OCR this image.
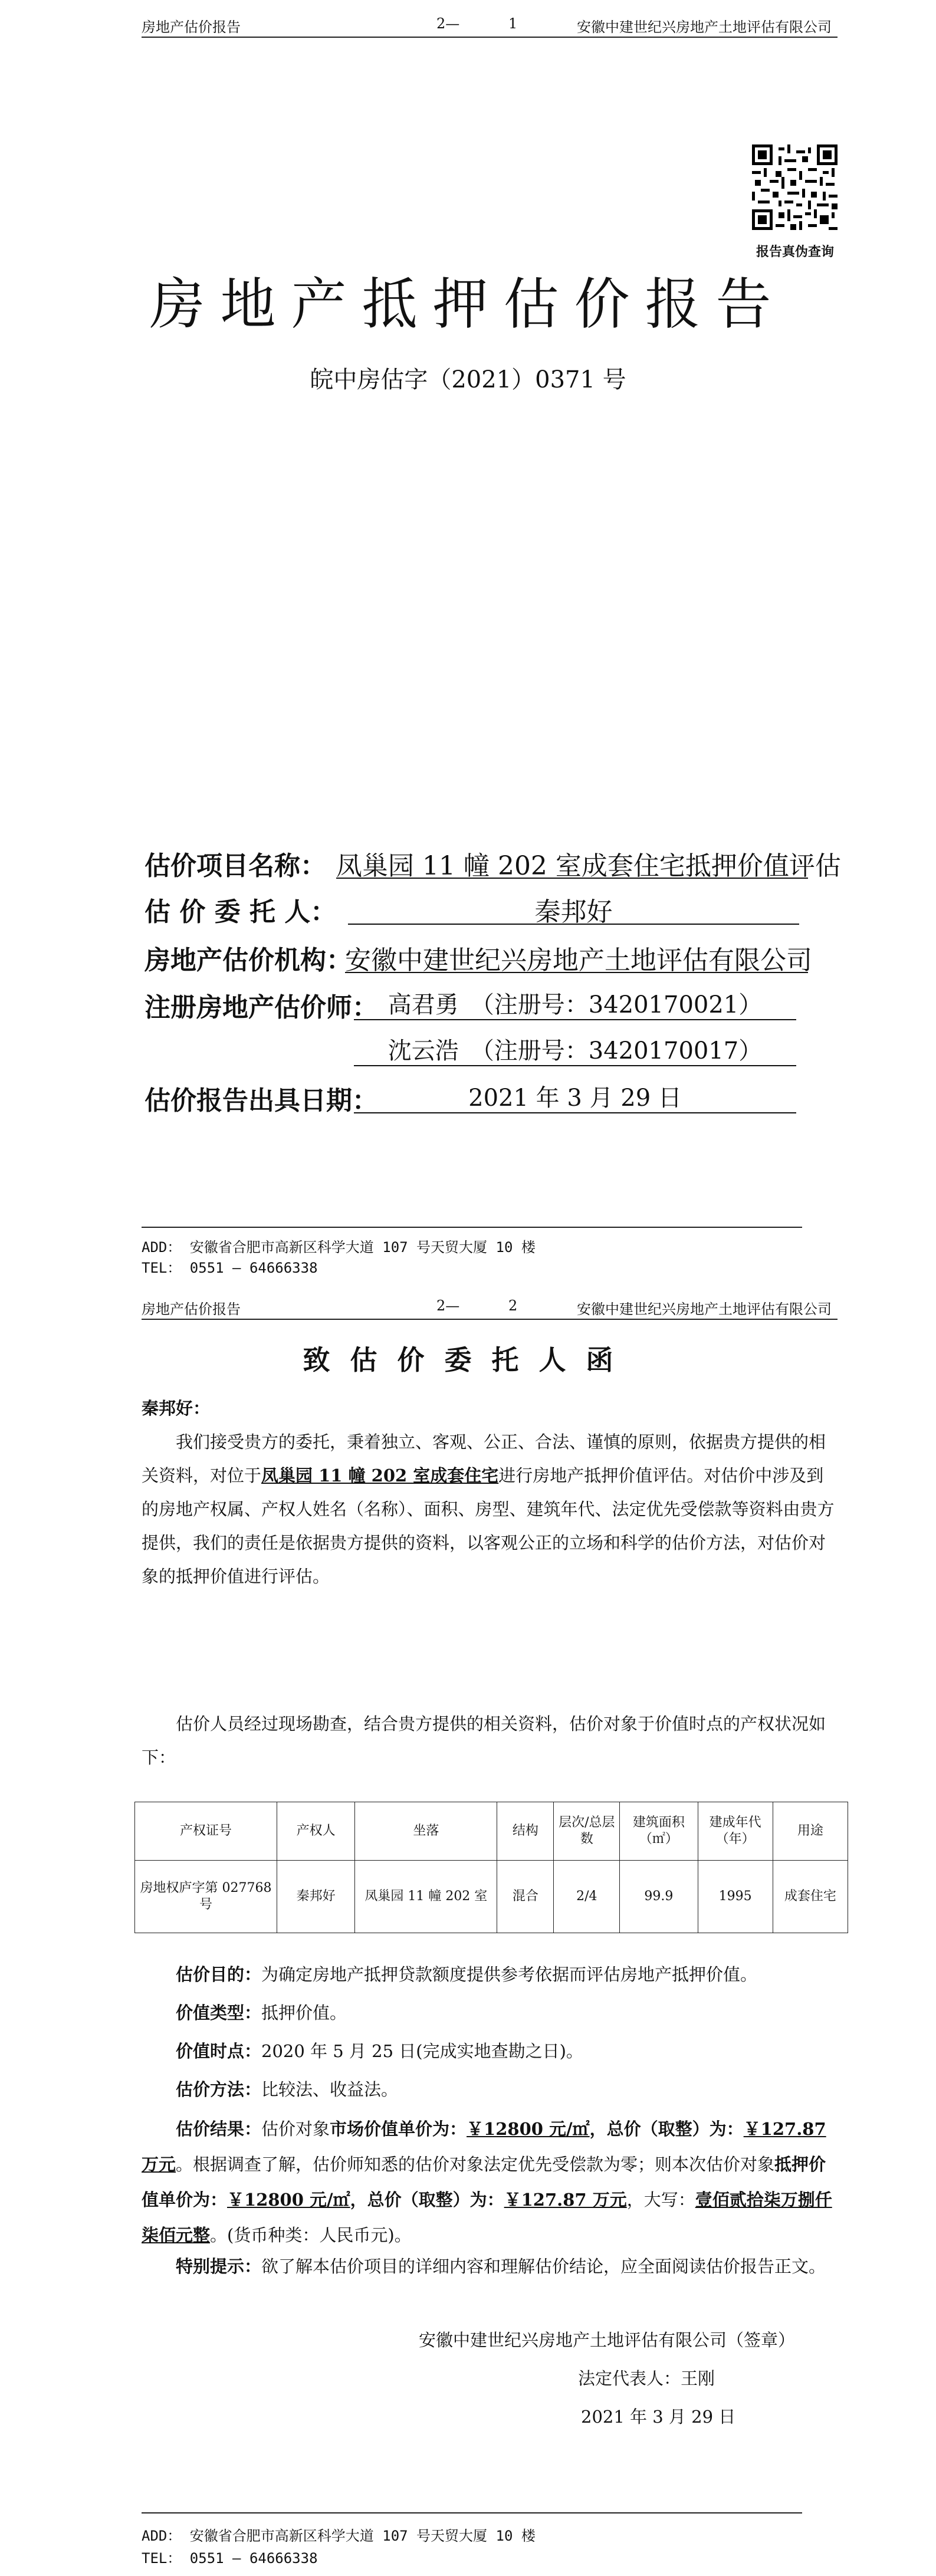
房地产估价报告	2—	1	安徽中建世纪兴房地产土地评估有限公司
报告真伪查询
房地产抵押估价报告
皖中房估字（2021）0371 号
估价项目名称： 凤巢园 11 幢 202 室成套住宅抵押价值评估
估 价 委 托 人：	秦邦好
房地产估价机构：
安徽中建世纪兴房地产土地评估有限公司
注册房地产估价师： 高君勇　（注册号：3420170021）
沈云浩　（注册号：3420170017）
估价报告出具日期：	2021 年 3 月 29 日
ADD： 安徽省合肥市高新区科学大道 107 号天贸大厦 10 楼
TEL： 0551 — 64666338
房地产估价报告	2—	2	安徽中建世纪兴房地产土地评估有限公司
致估价委托人函
秦邦好：
我们接受贵方的委托，秉着独立、客观、公正、合法、谨慎的原则，依据贵方提供的相关资料，对位于凤巢园 11 幢 202 室成套住宅进行房地产抵押价值评估。对估价中涉及到的房地产权属、产权人姓名（名称）、面积、房型、建筑年代、法定优先受偿款等资料由贵方提供，我们的责任是依据贵方提供的资料，以客观公正的立场和科学的估价方法，对估价对象的抵押价值进行评估。
估价人员经过现场勘查，结合贵方提供的相关资料，估价对象于价值时点的产权状况如下：
产权证号	产权人	坐落	结构	层次/总层数	建筑面积（㎡）	建成年代（年）	用途
房地权庐字第 027768 号	秦邦好	凤巢园 11 幢 202 室	混合	2/4	99.9	1995	成套住宅
估价目的：为确定房地产抵押贷款额度提供参考依据而评估房地产抵押价值。
价值类型：抵押价值。
价值时点：2020 年 5 月 25 日(完成实地查勘之日)。
估价方法：比较法、收益法。
估价结果：估价对象市场价值单价为：￥12800 元/㎡，总价（取整）为：￥127.87 万元。根据调查了解，估价师知悉的估价对象法定优先受偿款为零；则本次估价对象抵押价值单价为：￥12800 元/㎡，总价（取整）为：￥127.87 万元，大写：壹佰贰拾柒万捌仟柒佰元整。(货币种类：人民币元)。
特别提示：欲了解本估价项目的详细内容和理解估价结论，应全面阅读估价报告正文。
安徽中建世纪兴房地产土地评估有限公司（签章）
法定代表人：王刚
2021 年 3 月 29 日
ADD： 安徽省合肥市高新区科学大道 107 号天贸大厦 10 楼
TEL： 0551 — 64666338
